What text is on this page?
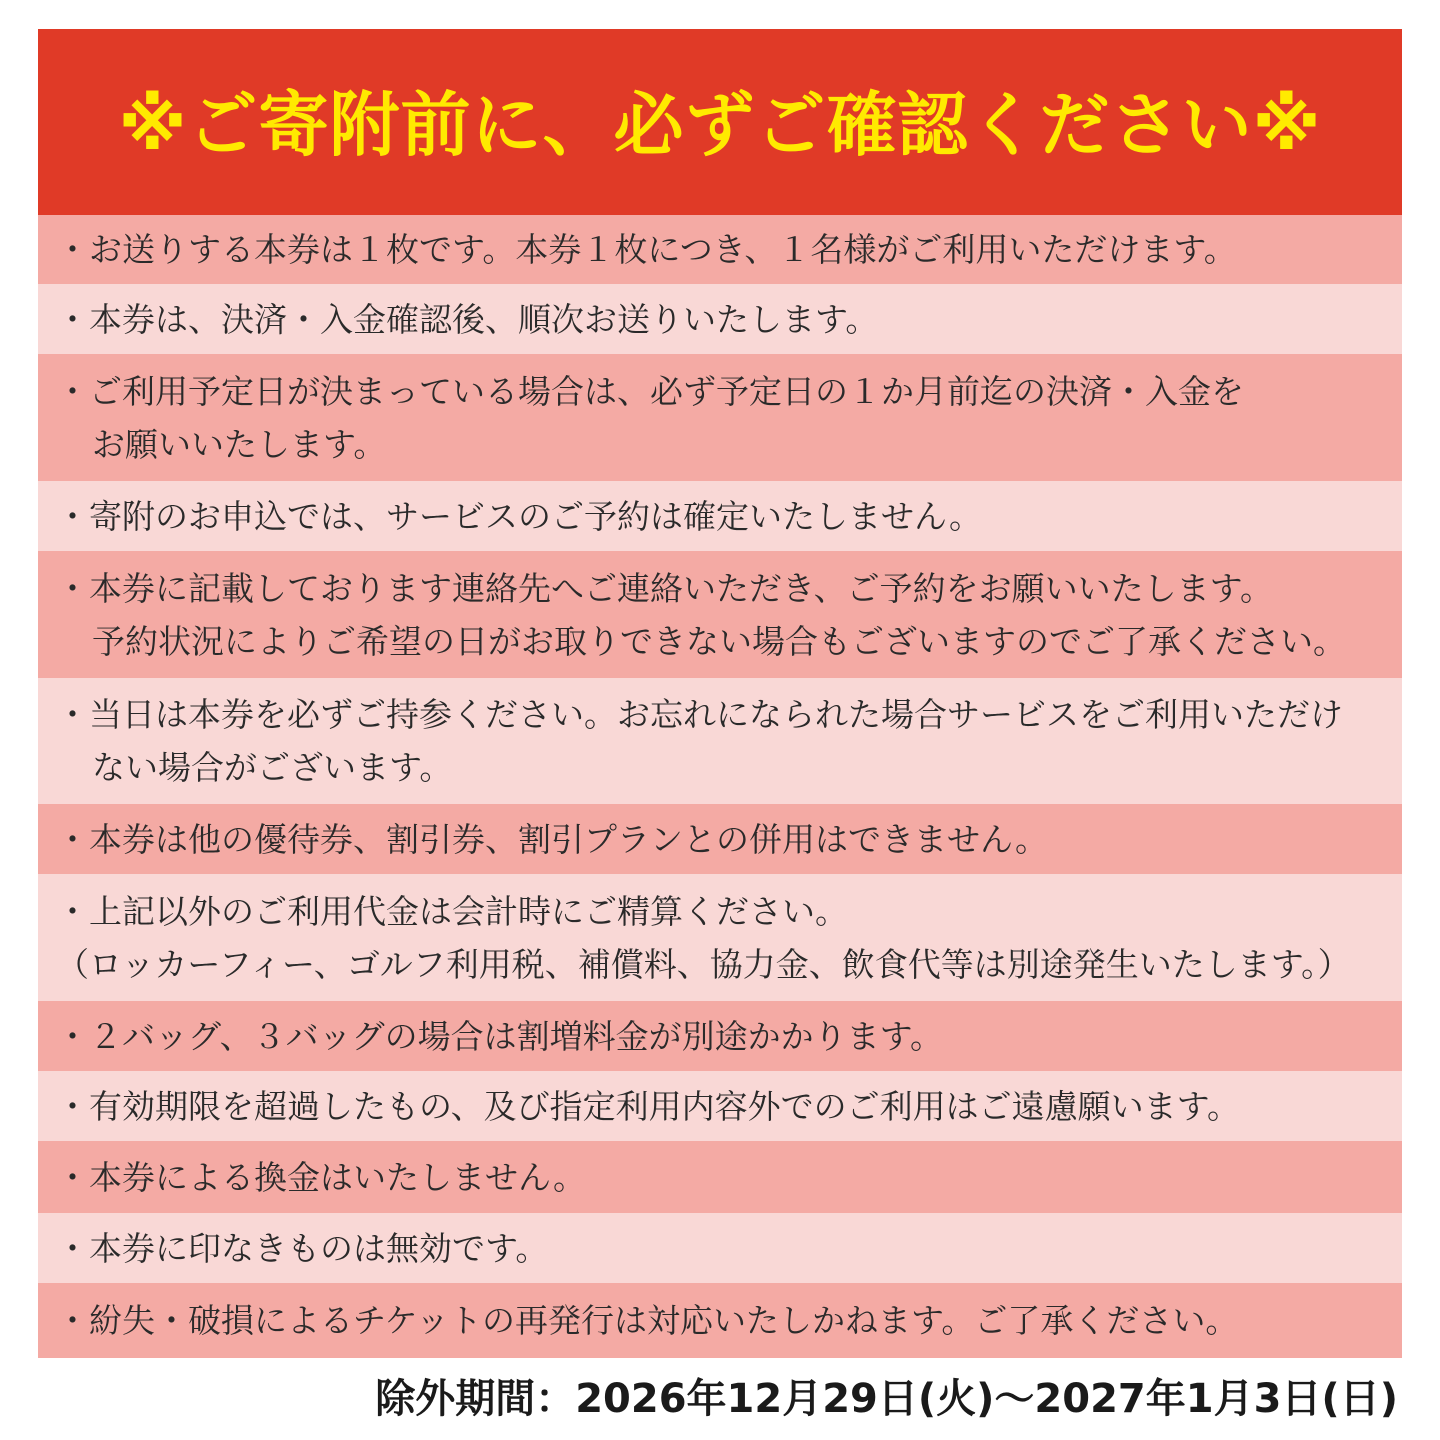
※ご寄附前に、必ずご確認ください※
・お送りする本券は１枚です。本券１枚につき、１名様がご利用いただけます。
・本券は、決済・入金確認後、順次お送りいたします。
・ご利用予定日が決まっている場合は、必ず予定日の１か月前迄の決済・入金を
お願いいたします。
・寄附のお申込では、サービスのご予約は確定いたしません。
・本券に記載しております連絡先へご連絡いただき、ご予約をお願いいたします。
予約状況によりご希望の日がお取りできない場合もございますのでご了承ください。
・当日は本券を必ずご持参ください。お忘れになられた場合サービスをご利用いただけ
ない場合がございます。
・本券は他の優待券、割引券、割引プランとの併用はできません。
・上記以外のご利用代金は会計時にご精算ください。
（ロッカーフィー、ゴルフ利用税、補償料、協力金、飲食代等は別途発生いたします。）
・２バッグ、３バッグの場合は割増料金が別途かかります。
・有効期限を超過したもの、及び指定利用内容外でのご利用はご遠慮願います。
・本券による換金はいたしません。
・本券に印なきものは無効です。
・紛失・破損によるチケットの再発行は対応いたしかねます。ご了承ください。
除外期間：2026年12月29日(火)〜2027年1月3日(日)
